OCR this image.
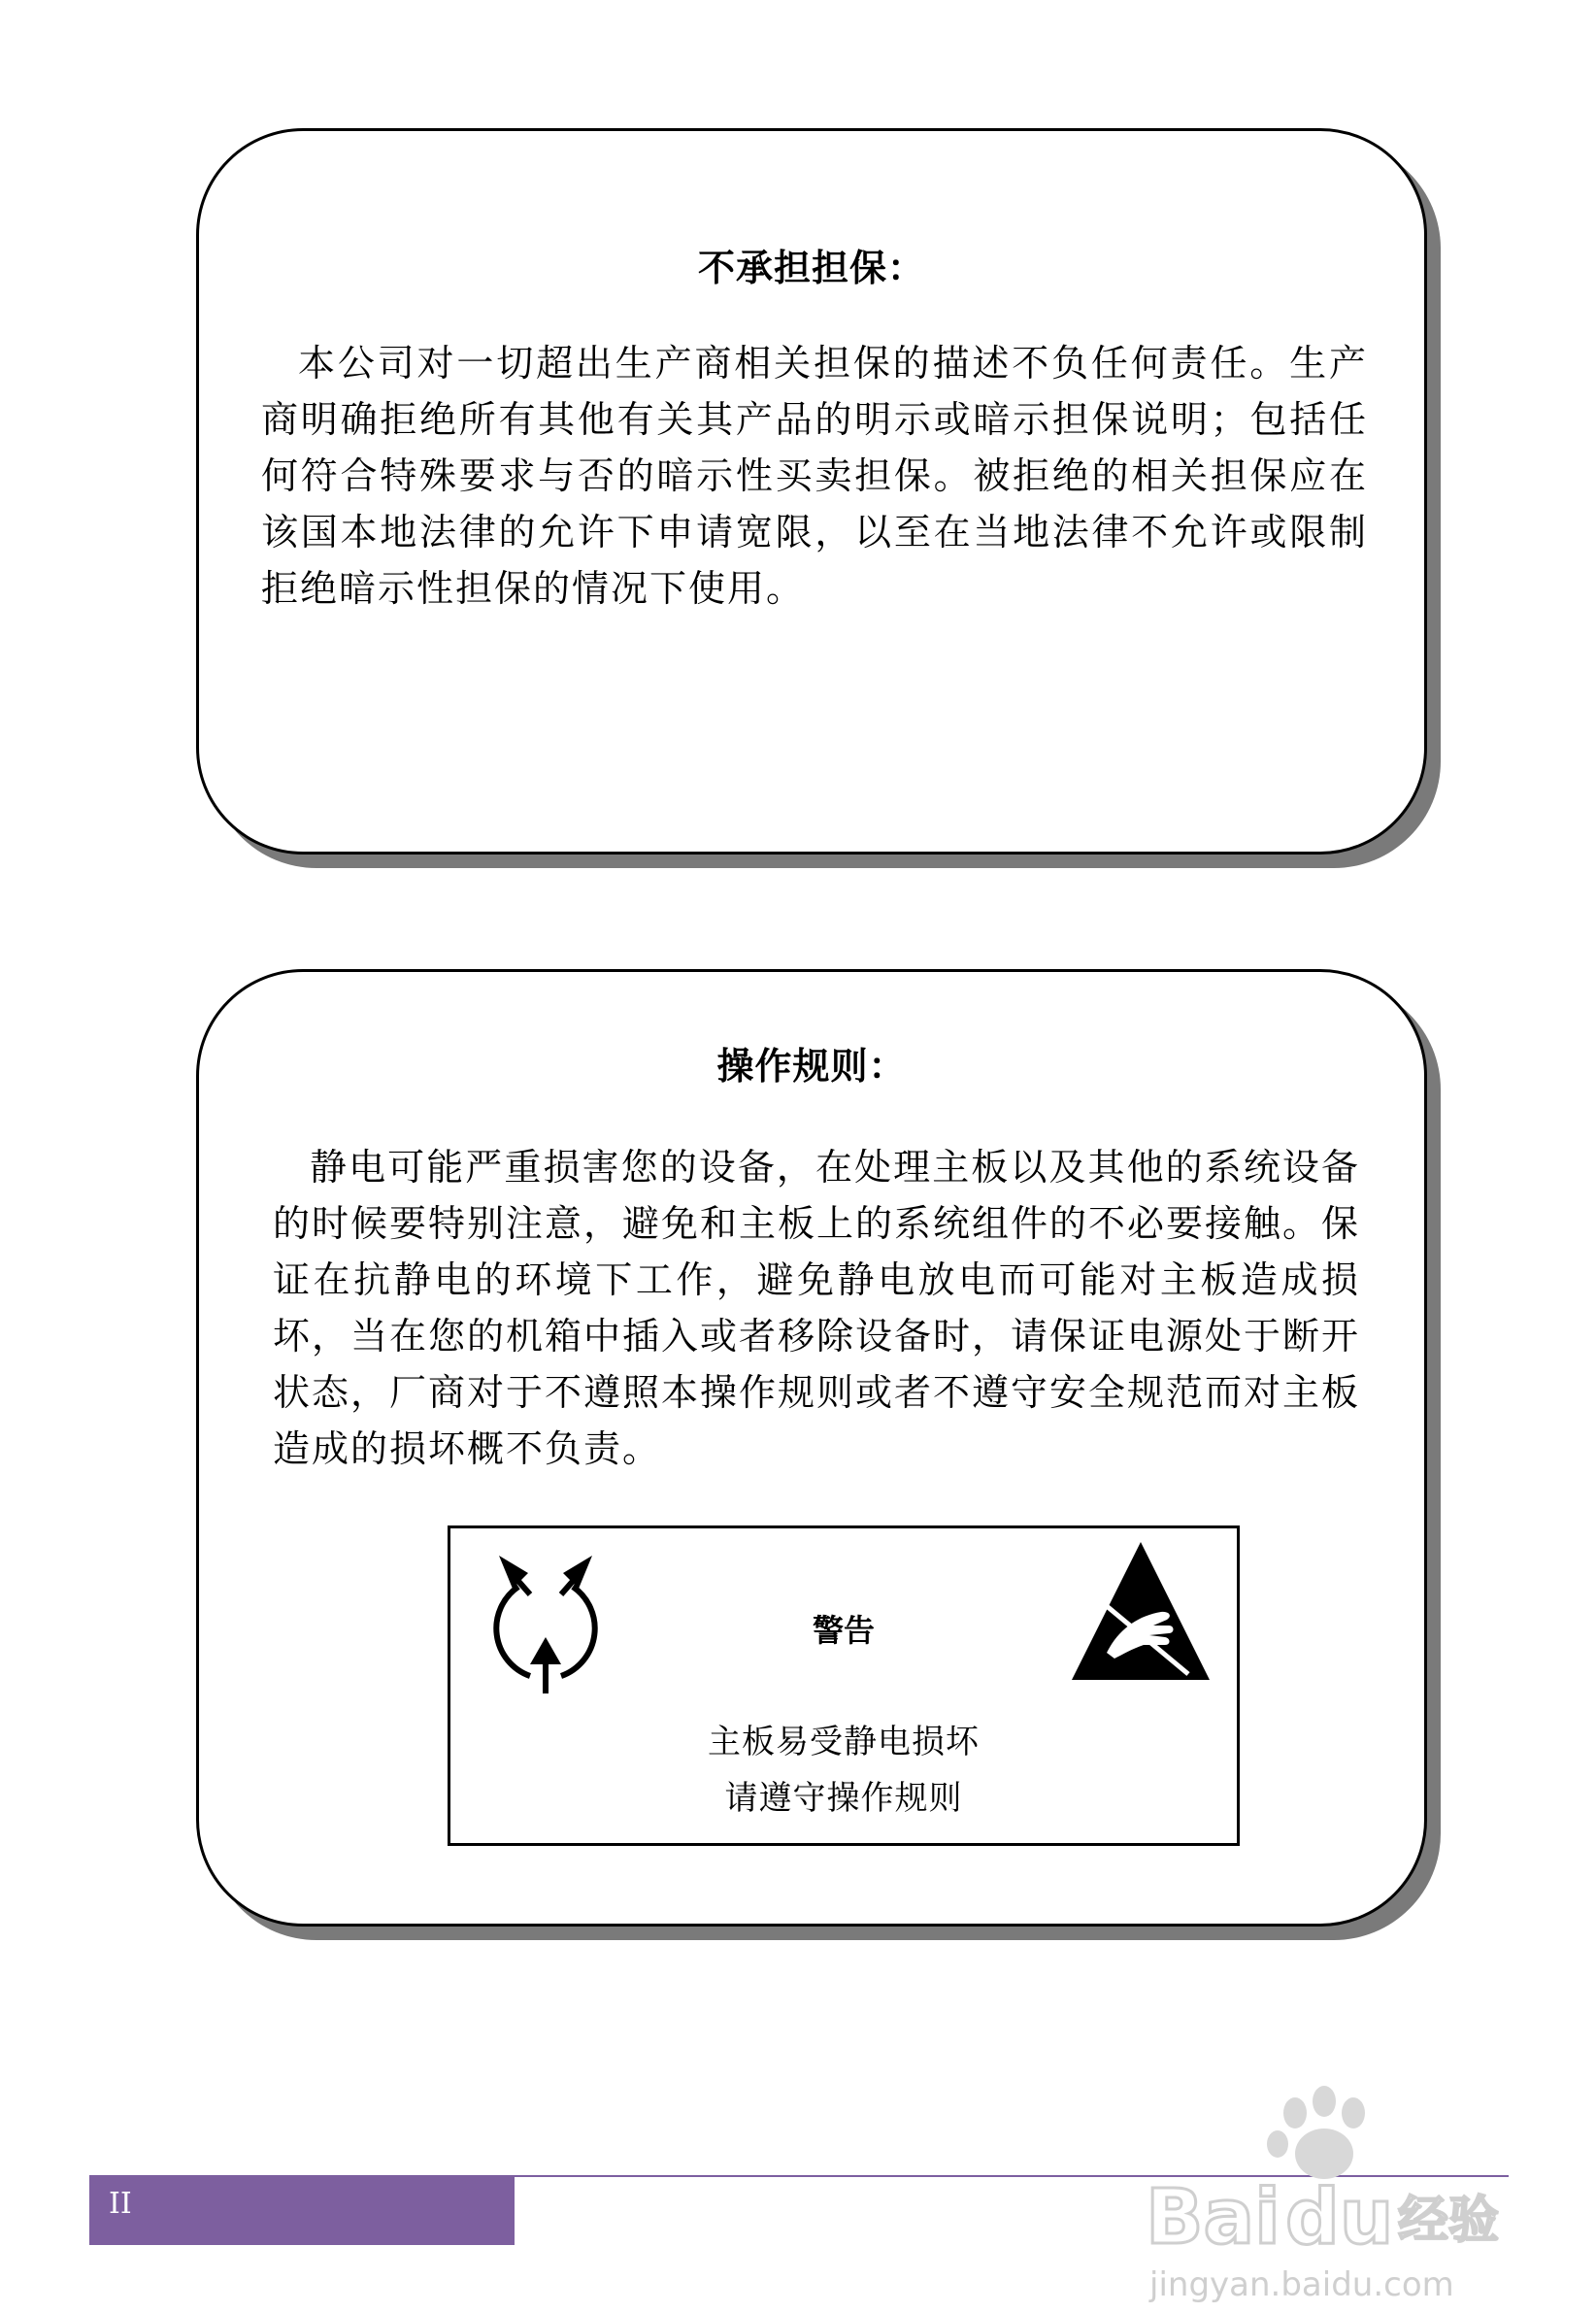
不承担担保：

本公司对一切超出生产商相关担保的描述不负任何责任。生产商明确拒绝所有其他有关其产品的明示或暗示担保说明；包括任何符合特殊要求与否的暗示性买卖担保。被拒绝的相关担保应在该国本地法律的允许下申请宽限，以至在当地法律不允许或限制拒绝暗示性担保的情况下使用。

操作规则：

静电可能严重损害您的设备，在处理主板以及其他的系统设备的时候要特别注意，避免和主板上的系统组件的不必要接触。保证在抗静电的环境下工作，避免静电放电而可能对主板造成损坏，当在您的机箱中插入或者移除设备时，请保证电源处于断开状态，厂商对于不遵照本操作规则或者不遵守安全规范而对主板造成的损坏概不负责。

警告
主板易受静电损坏
请遵守操作规则
II	Bai du 经验
jingyan.baidu.com
